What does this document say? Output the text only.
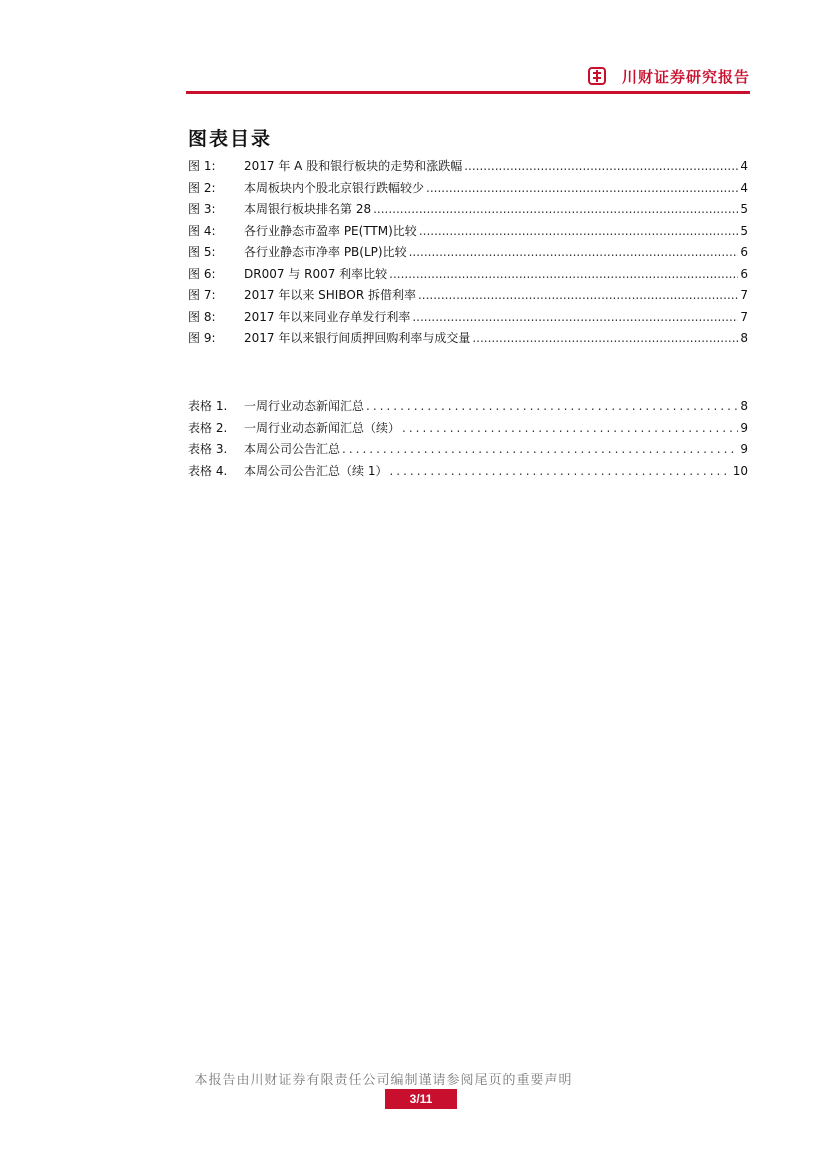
川财证券研究报告
图表目录
图 1:	2017 年 A 股和银行板块的走势和涨跌幅 .....	4
图 2:	本周板块内个股北京银行跌幅较少 .....	4
图 3:	本周银行板块排名第 28 .....	5
图 4:	各行业静态市盈率 PE(TTM)比较 .....	5
图 5:	各行业静态市净率 PB(LP)比较 .....	6
图 6:	DR007 与 R007 利率比较 .....	6
图 7:	2017 年以来 SHIBOR 拆借利率 .....	7
图 8:	2017 年以来同业存单发行利率 .....	7
图 9:	2017 年以来银行间质押回购利率与成交量 .....	8
表格 1.	一周行业动态新闻汇总 .....	8
表格 2.	一周行业动态新闻汇总（续） .....	9
表格 3.	本周公司公告汇总 .....	9
表格 4.	本周公司公告汇总（续 1） .....	10
本报告由川财证券有限责任公司编制谨请参阅尾页的重要声明
3/11
